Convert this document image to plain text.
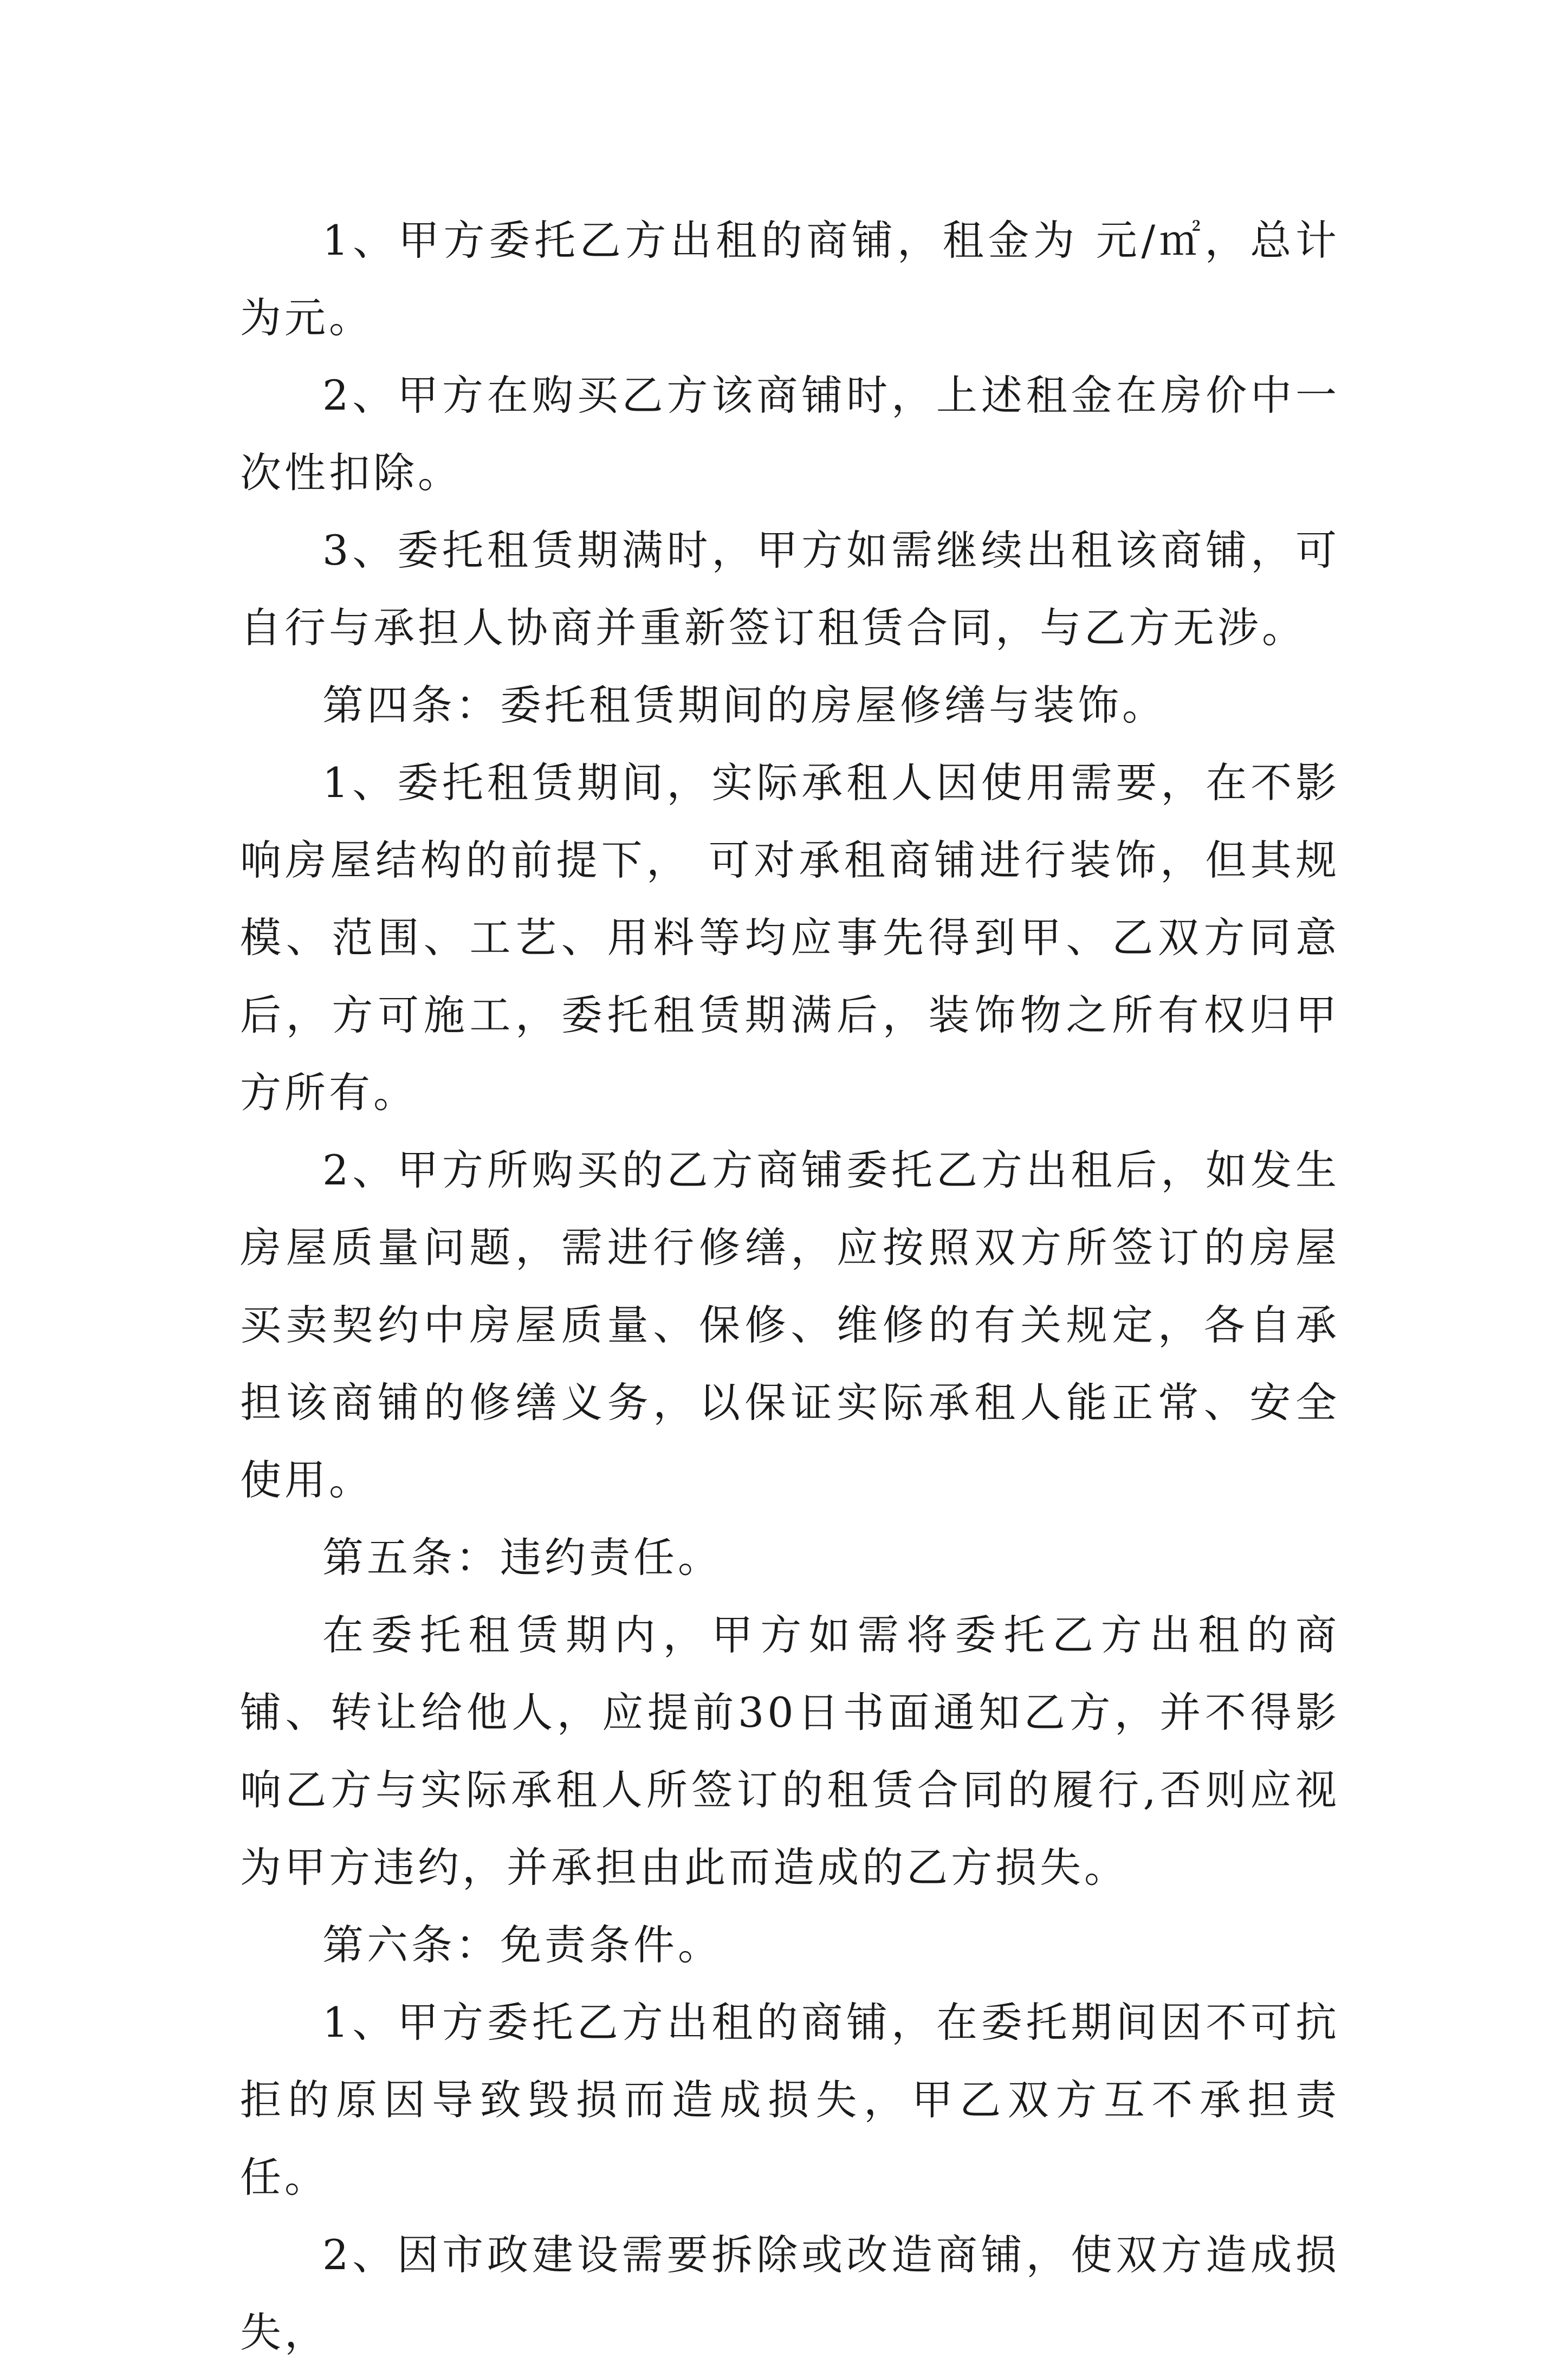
1、甲方委托乙方出租的商铺，租金为 元/㎡，总计为元。

2、甲方在购买乙方该商铺时，上述租金在房价中一次性扣除。

3、委托租赁期满时，甲方如需继续出租该商铺，可自行与承担人协商并重新签订租赁合同，与乙方无涉。

第四条：委托租赁期间的房屋修缮与装饰。

1、委托租赁期间，实际承租人因使用需要，在不影响房屋结构的前提下， 可对承租商铺进行装饰，但其规模、范围、工艺、用料等均应事先得到甲、乙双方同意后，方可施工，委托租赁期满后，装饰物之所有权归甲方所有。

2、甲方所购买的乙方商铺委托乙方出租后，如发生房屋质量问题，需进行修缮，应按照双方所签订的房屋买卖契约中房屋质量、保修、维修的有关规定，各自承担该商铺的修缮义务，以保证实际承租人能正常、安全使用。

第五条：违约责任。

在委托租赁期内，甲方如需将委托乙方出租的商铺、转让给他人，应提前30日书面通知乙方，并不得影响乙方与实际承租人所签订的租赁合同的履行,否则应视为甲方违约，并承担由此而造成的乙方损失。

第六条：免责条件。

1、甲方委托乙方出租的商铺，在委托期间因不可抗拒的原因导致毁损而造成损失，甲乙双方互不承担责任。

2、因市政建设需要拆除或改造商铺，使双方造成损失，
